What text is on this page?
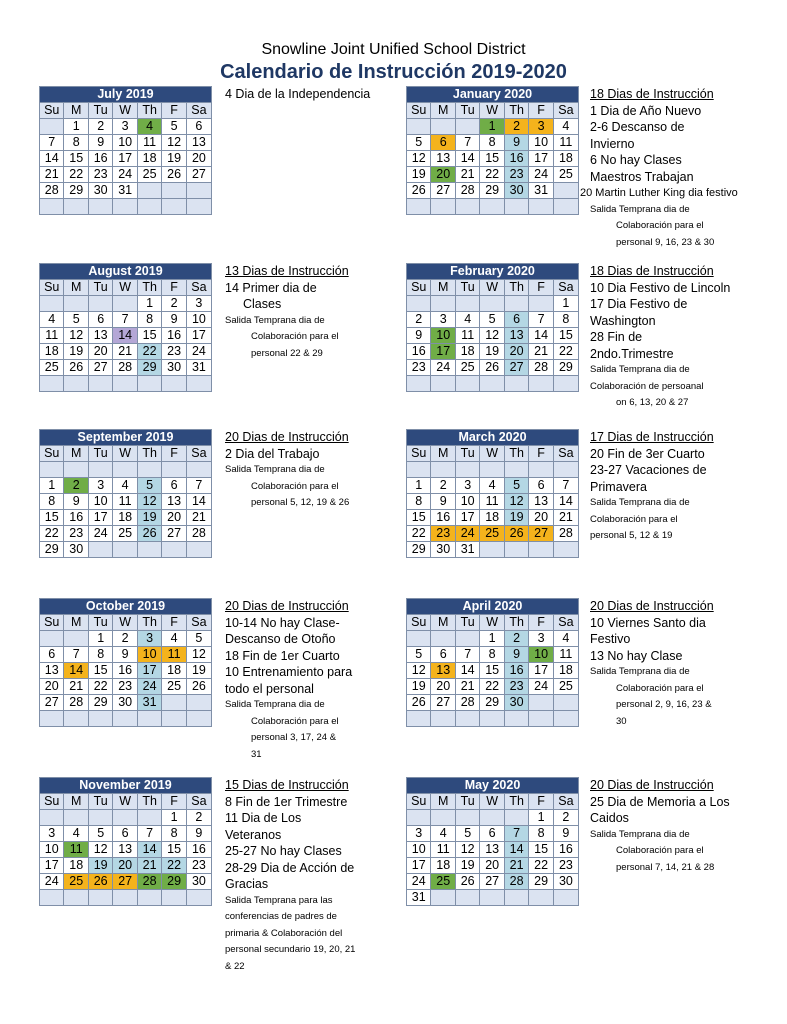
Snowline Joint Unified School District
Calendario de Instrucción 2019-2020
July 2019						
Su	M	Tu	W	Th	F	Sa
	1	2	3	4	5	6
7	8	9	10	11	12	13
14	15	16	17	18	19	20
21	22	23	24	25	26	27
28	29	30	31			

4 Dia de la Independencia	January 2020						
Su	M	Tu	W	Th	F	Sa
			1	2	3	4
5	6	7	8	9	10	11
12	13	14	15	16	17	18
19	20	21	22	23	24	25
26	27	28	29	30	31	

18 Dias de Instrucción
1 Dia de Año Nuevo
2-6 Descanso de
Invierno
6 No hay Clases
Maestros Trabajan
20 Martin Luther King dia festivo
Salida Temprana dia de
Colaboración para el
personal 9, 16, 23 & 30
August 2019						
Su	M	Tu	W	Th	F	Sa
				1	2	3
4	5	6	7	8	9	10
11	12	13	14	15	16	17
18	19	20	21	22	23	24
25	26	27	28	29	30	31

13 Dias de Instrucción
14 Primer dia de
Clases
Salida Temprana dia de
Colaboración para el
personal 22 & 29
February 2020						
Su	M	Tu	W	Th	F	Sa
						1
2	3	4	5	6	7	8
9	10	11	12	13	14	15
16	17	18	19	20	21	22
23	24	25	26	27	28	29

18 Dias de Instrucción
10 Dia Festivo de Lincoln
17 Dia Festivo de
Washington
28 Fin de
2ndo.Trimestre
Salida Temprana dia de
Colaboración de persoanal
on 6, 13, 20 & 27
September 2019						
Su	M	Tu	W	Th	F	Sa

1	2	3	4	5	6	7
8	9	10	11	12	13	14
15	16	17	18	19	20	21
22	23	24	25	26	27	28
29	30					
20 Dias de Instrucción
2 Dia del Trabajo
Salida Temprana dia de
Colaboración para el
personal 5, 12, 19 & 26
March 2020						
Su	M	Tu	W	Th	F	Sa

1	2	3	4	5	6	7
8	9	10	11	12	13	14
15	16	17	18	19	20	21
22	23	24	25	26	27	28
29	30	31				
17 Dias de Instrucción
20 Fin de 3er Cuarto
23-27 Vacaciones de
Primavera
Salida Temprana dia de
Colaboración para el
personal 5, 12 & 19
October 2019						
Su	M	Tu	W	Th	F	Sa
		1	2	3	4	5
6	7	8	9	10	11	12
13	14	15	16	17	18	19
20	21	22	23	24	25	26
27	28	29	30	31		

20 Dias de Instrucción
10-14 No hay Clase-
Descanso de Otoño
18 Fin de 1er Cuarto
10 Entrenamiento para
todo el personal
Salida Temprana dia de
Colaboración para el
personal 3, 17, 24 &
31
April 2020						
Su	M	Tu	W	Th	F	Sa
			1	2	3	4
5	6	7	8	9	10	11
12	13	14	15	16	17	18
19	20	21	22	23	24	25
26	27	28	29	30		

20 Dias de Instrucción
10 Viernes Santo dia
Festivo
13 No hay Clase
Salida Temprana dia de
Colaboración para el
personal 2, 9, 16, 23 &
30
November 2019						
Su	M	Tu	W	Th	F	Sa
					1	2
3	4	5	6	7	8	9
10	11	12	13	14	15	16
17	18	19	20	21	22	23
24	25	26	27	28	29	30

15 Dias de Instrucción
8 Fin de 1er Trimestre
11 Dia de Los
Veteranos
25-27 No hay Clases
28-29 Dia de Acción de
Gracias
Salida Temprana para las
conferencias de padres de
primaria & Colaboración del
personal secundario 19, 20, 21
& 22
May 2020						
Su	M	Tu	W	Th	F	Sa
					1	2
3	4	5	6	7	8	9
10	11	12	13	14	15	16
17	18	19	20	21	22	23
24	25	26	27	28	29	30
31						
20 Dias de Instrucción
25 Dia de Memoria a Los
Caidos
Salida Temprana dia de
Colaboración para el
personal 7, 14, 21 & 28
